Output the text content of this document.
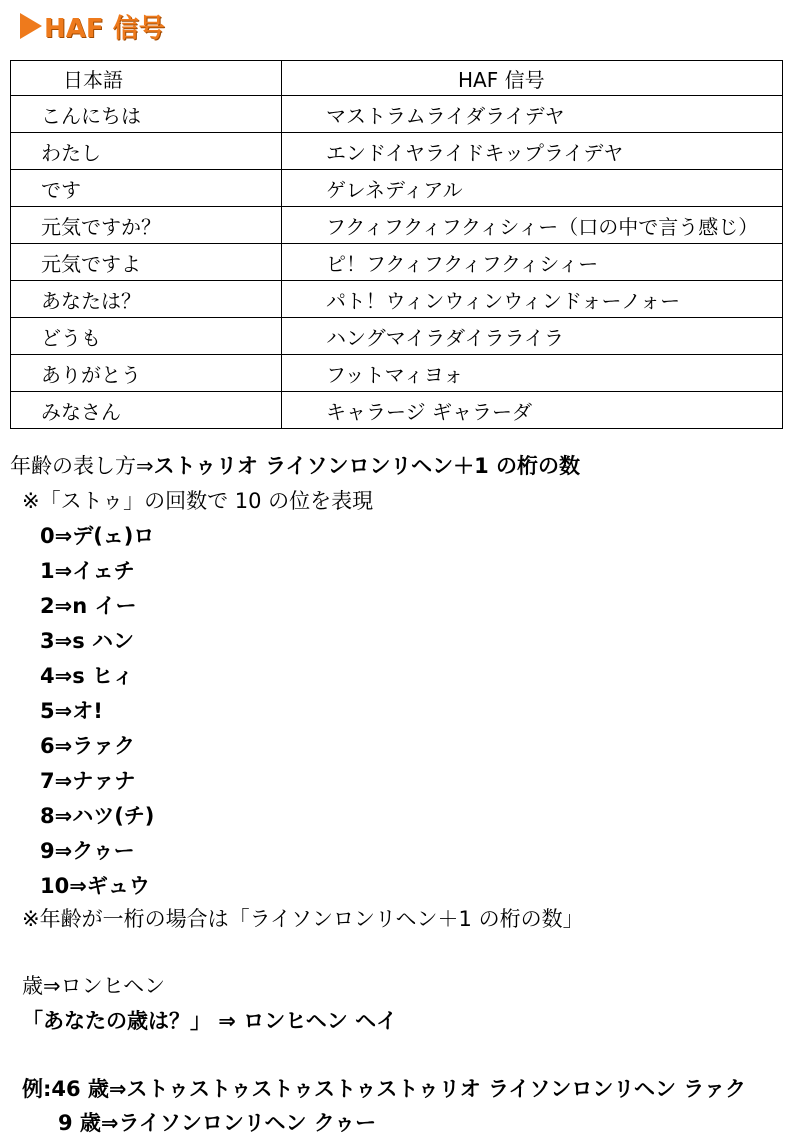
HAF 信号
日本語	HAF 信号
こんにちは	マストラムライダライデヤ
わたし	エンドイヤライドキップライデヤ
です	ゲレネディアル
元気ですか？	フクィフクィフクィシィー（口の中で言う感じ）
元気ですよ	ピ！フクィフクィフクィシィー
あなたは？	パト！ウィンウィンウィンドォーノォー
どうも	ハングマイラダイラライラ
ありがとう	フットマィヨォ
みなさん	キャラージ ギャラーダ
年齢の表し方⇒ストゥリオ ライソンロンリヘン＋1 の桁の数
※「ストゥ」の回数で 10 の位を表現
0⇒デ(ェ)ロ
1⇒イェチ
2⇒n イー
3⇒s ハン
4⇒s ヒィ
5⇒オ!
6⇒ラァク
7⇒ナァナ
8⇒ハツ(チ)
9⇒クゥー
10⇒ギュウ
※年齢が一桁の場合は「ライソンロンリヘン＋1 の桁の数」
歳⇒ロンヒヘン
「あなたの歳は？」 ⇒ ロンヒヘン ヘイ
例:46 歳⇒ストゥストゥストゥストゥストゥリオ ライソンロンリヘン ラァク
9 歳⇒ライソンロンリヘン クゥー
